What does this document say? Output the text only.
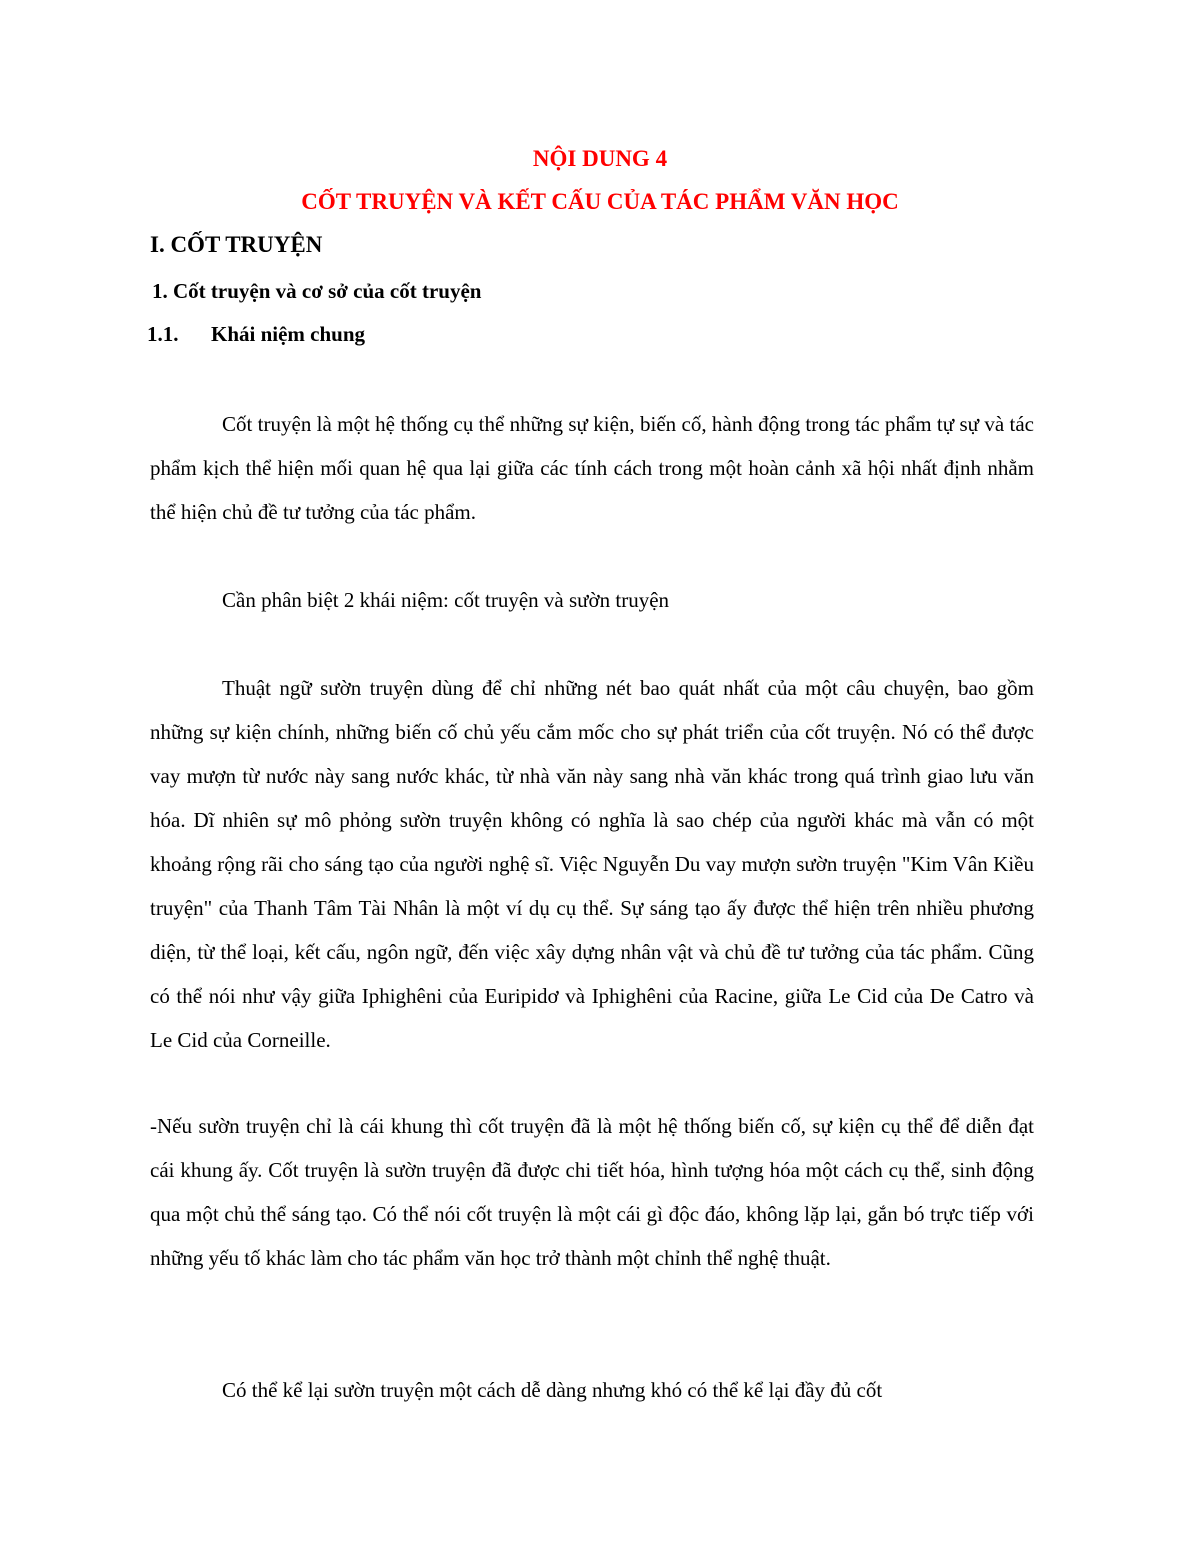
NỘI DUNG 4
CỐT TRUYỆN VÀ KẾT CẤU CỦA TÁC PHẨM VĂN HỌC
I. CỐT TRUYỆN
1. Cốt truyện và cơ sở của cốt truyện
1.1. Khái niệm chung

Cốt truyện là một hệ thống cụ thể những sự kiện, biến cố, hành động trong tác phẩm tự sự và tác phẩm kịch thể hiện mối quan hệ qua lại giữa các tính cách trong một hoàn cảnh xã hội nhất định nhằm thể hiện chủ đề tư tưởng của tác phẩm.

Cần phân biệt 2 khái niệm: cốt truyện và sườn truyện

Thuật ngữ sườn truyện dùng để chỉ những nét bao quát nhất của một câu chuyện, bao gồm những sự kiện chính, những biến cố chủ yếu cắm mốc cho sự phát triển của cốt truyện. Nó có thể được vay mượn từ nước này sang nước khác, từ nhà văn này sang nhà văn khác trong quá trình giao lưu văn hóa. Dĩ nhiên sự mô phỏng sườn truyện không có nghĩa là sao chép của người khác mà vẫn có một khoảng rộng rãi cho sáng tạo của người nghệ sĩ. Việc Nguyễn Du vay mượn sườn truyện "Kim Vân Kiều truyện" của Thanh Tâm Tài Nhân là một ví dụ cụ thể. Sự sáng tạo ấy được thể hiện trên nhiều phương diện, từ thể loại, kết cấu, ngôn ngữ, đến việc xây dựng nhân vật và chủ đề tư tưởng của tác phẩm. Cũng có thể nói như vậy giữa Iphighêni của Euripidơ và Iphighêni của Racine, giữa Le Cid của De Catro và Le Cid của Corneille.

-Nếu sườn truyện chỉ là cái khung thì cốt truyện đã là một hệ thống biến cố, sự kiện cụ thể để diễn đạt cái khung ấy. Cốt truyện là sườn truyện đã được chi tiết hóa, hình tượng hóa một cách cụ thể, sinh động qua một chủ thể sáng tạo. Có thể nói cốt truyện là một cái gì độc đáo, không lặp lại, gắn bó trực tiếp với những yếu tố khác làm cho tác phẩm văn học trở thành một chỉnh thể nghệ thuật.

Có thể kể lại sườn truyện một cách dễ dàng nhưng khó có thể kể lại đầy đủ cốt
